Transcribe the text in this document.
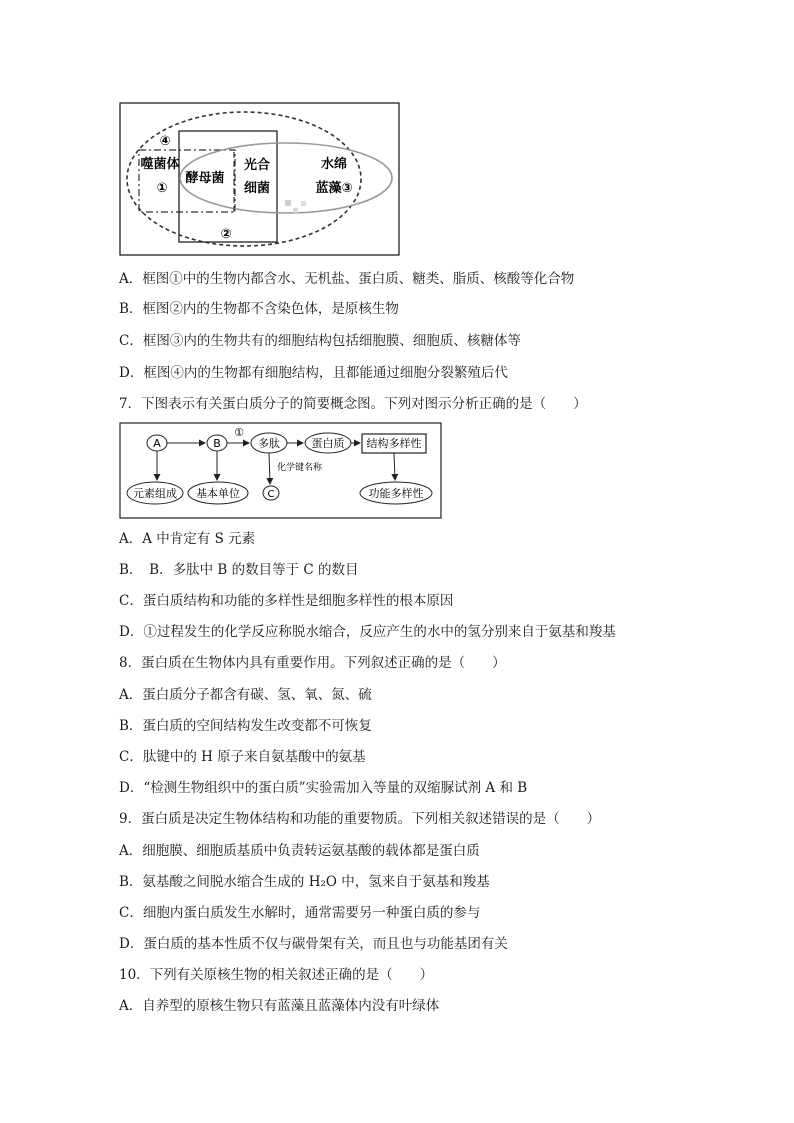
④
噬菌体
①
酵母菌
光合
细菌
水绵
蓝藻③
②
A．框图①中的生物内都含水、无机盐、蛋白质、糖类、脂质、核酸等化合物
B．框图②内的生物都不含染色体，是原核生物
C．框图③内的生物共有的细胞结构包括细胞膜、细胞质、核糖体等
D．框图④内的生物都有细胞结构，且都能通过细胞分裂繁殖后代
7．下图表示有关蛋白质分子的简要概念图。下列对图示分析正确的是（　　）
A	B
①
多肽	蛋白质 结构多样性
化学键名称
C
元素组成 基本单位	功能多样性
A．A 中肯定有 S 元素
B．　B．多肽中 B 的数目等于 C 的数目
C．蛋白质结构和功能的多样性是细胞多样性的根本原因
D．①过程发生的化学反应称脱水缩合，反应产生的水中的氢分别来自于氨基和羧基
8．蛋白质在生物体内具有重要作用。下列叙述正确的是（　　）
A．蛋白质分子都含有碳、氢、氧、氮、硫
B．蛋白质的空间结构发生改变都不可恢复
C．肽键中的 H 原子来自氨基酸中的氨基
D．“检测生物组织中的蛋白质”实验需加入等量的双缩脲试剂 A 和 B
9．蛋白质是决定生物体结构和功能的重要物质。下列相关叙述错误的是（　　）
A．细胞膜、细胞质基质中负责转运氨基酸的载体都是蛋白质
B．氨基酸之间脱水缩合生成的 H₂O 中，氢来自于氨基和羧基
C．细胞内蛋白质发生水解时，通常需要另一种蛋白质的参与
D．蛋白质的基本性质不仅与碳骨架有关，而且也与功能基团有关
10．下列有关原核生物的相关叙述正确的是（　　）
A．自养型的原核生物只有蓝藻且蓝藻体内没有叶绿体
